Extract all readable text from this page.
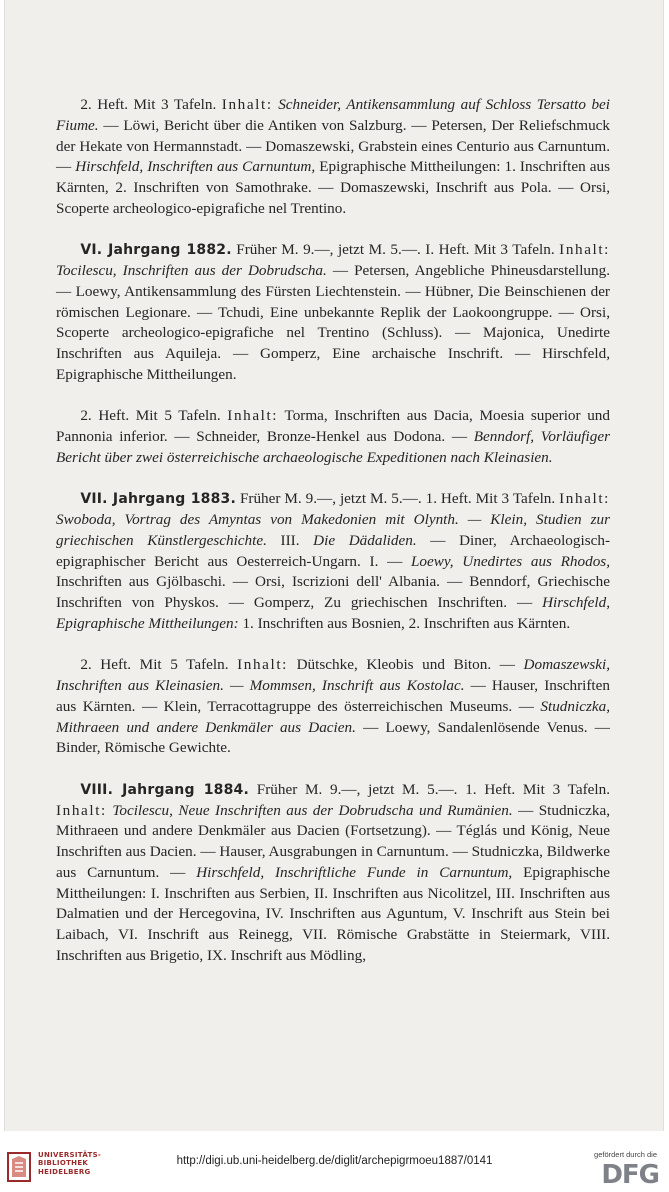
2. Heft. Mit 3 Tafeln. Inhalt: Schneider, Antikensammlung auf Schloss Tersatto bei Fiume. — Löwi, Bericht über die Antiken von Salzburg. — Petersen, Der Reliefschmuck der Hekate von Hermannstadt. — Domaszewski, Grabstein eines Centurio aus Carnuntum. — Hirschfeld, Inschriften aus Carnuntum, Epigraphische Mittheilungen: 1. Inschriften aus Kärnten, 2. Inschriften von Samothrake. — Domaszewski, Inschrift aus Pola. — Orsi, Scoperte archeologico-epigrafiche nel Trentino.

VI. Jahrgang 1882. Früher M. 9.—, jetzt M. 5.—. I. Heft. Mit 3 Tafeln. Inhalt: Tocilescu, Inschriften aus der Dobrudscha. — Petersen, Angebliche Phineusdarstellung. — Loewy, Antikensammlung des Fürsten Liechtenstein. — Hübner, Die Beinschienen der römischen Legionare. — Tchudi, Eine unbekannte Replik der Laokoongruppe. — Orsi, Scoperte archeologico-epigrafiche nel Trentino (Schluss). — Majonica, Unedirte Inschriften aus Aquileja. — Gomperz, Eine archaische Inschrift. — Hirschfeld, Epigraphische Mittheilungen.

2. Heft. Mit 5 Tafeln. Inhalt: Torma, Inschriften aus Dacia, Moesia superior und Pannonia inferior. — Schneider, Bronze-Henkel aus Dodona. — Benndorf, Vorläufiger Bericht über zwei österreichische archaeologische Expeditionen nach Kleinasien.

VII. Jahrgang 1883. Früher M. 9.—, jetzt M. 5.—. 1. Heft. Mit 3 Tafeln. Inhalt: Swoboda, Vortrag des Amyntas von Makedonien mit Olynth. — Klein, Studien zur griechischen Künstlergeschichte. III. Die Dädaliden. — Diner, Archaeologisch-epigraphischer Bericht aus Oesterreich-Ungarn. I. — Loewy, Unedirtes aus Rhodos, Inschriften aus Gjölbaschi. — Orsi, Iscrizioni dell' Albania. — Benndorf, Griechische Inschriften von Physkos. — Gomperz, Zu griechischen Inschriften. — Hirschfeld, Epigraphische Mittheilungen: 1. Inschriften aus Bosnien, 2. Inschriften aus Kärnten.

2. Heft. Mit 5 Tafeln. Inhalt: Dütschke, Kleobis und Biton. — Domaszewski, Inschriften aus Kleinasien. — Mommsen, Inschrift aus Kostolac. — Hauser, Inschriften aus Kärnten. — Klein, Terracottagruppe des österreichischen Museums. — Studniczka, Mithraeen und andere Denkmäler aus Dacien. — Loewy, Sandalenlösende Venus. — Binder, Römische Gewichte.

VIII. Jahrgang 1884. Früher M. 9.—, jetzt M. 5.—. 1. Heft. Mit 3 Tafeln. Inhalt: Tocilescu, Neue Inschriften aus der Dobrudscha und Rumänien. — Studniczka, Mithraeen und andere Denkmäler aus Dacien (Fortsetzung). — Téglás und König, Neue Inschriften aus Dacien. — Hauser, Ausgrabungen in Carnuntum. — Studniczka, Bildwerke aus Carnuntum. — Hirschfeld, Inschriftliche Funde in Carnuntum, Epigraphische Mittheilungen: I. Inschriften aus Serbien, II. Inschriften aus Nicolitzel, III. Inschriften aus Dalmatien und der Hercegovina, IV. Inschriften aus Aguntum, V. Inschrift aus Stein bei Laibach, VI. Inschrift aus Reinegg, VII. Römische Grabstätte in Steiermark, VIII. Inschriften aus Brigetio, IX. Inschrift aus Mödling,

UNIVERSITÄTS- BIBLIOTHEK HEIDELBERG
http://digi.ub.uni-heidelberg.de/diglit/archepigrmoeu1887/0141
gefördert durch die
DFG
